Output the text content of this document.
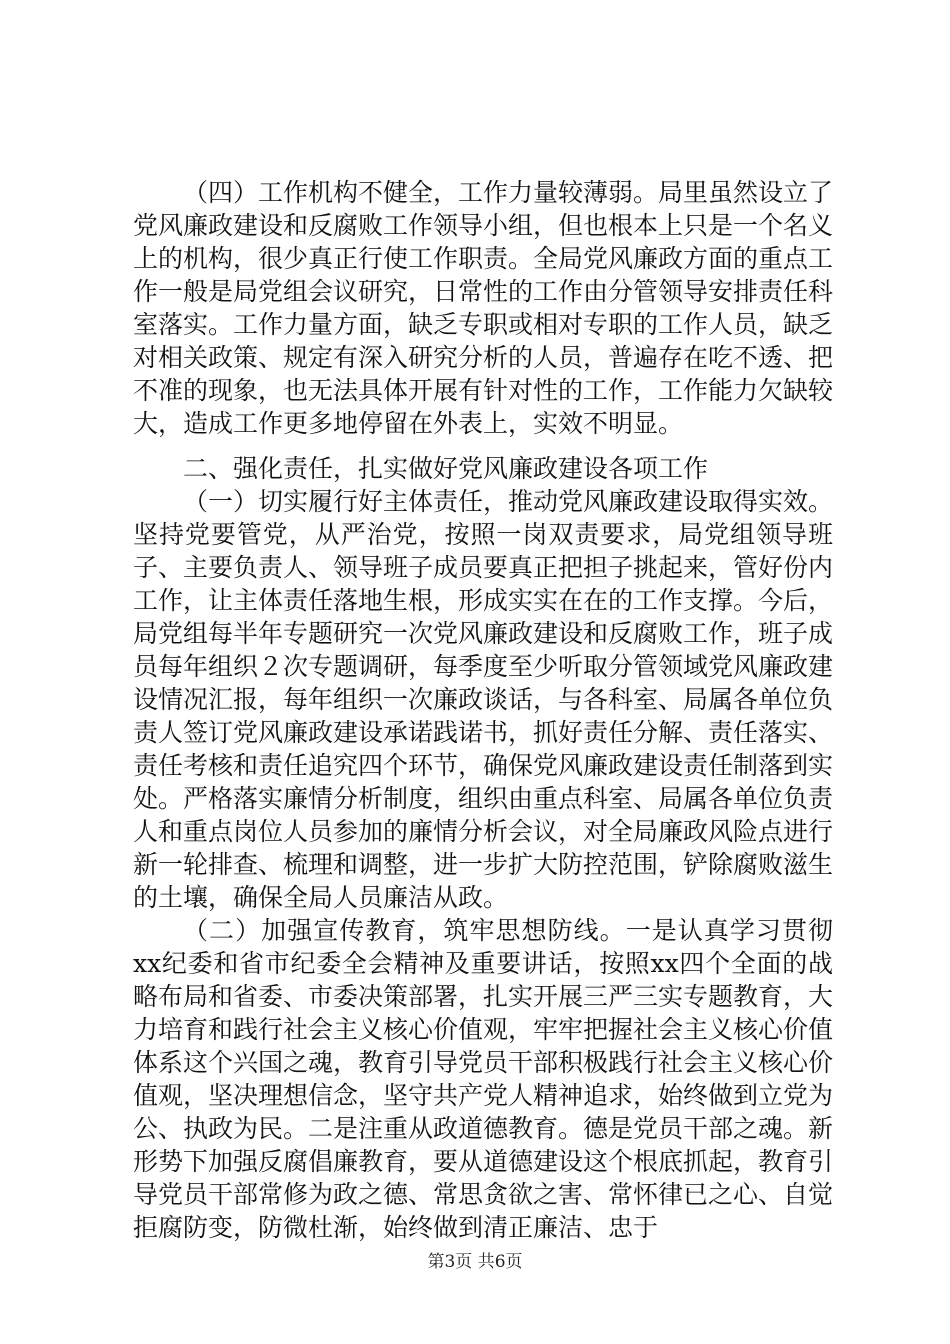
（四）工作机构不健全，工作力量较薄弱。局里虽然设立了党风廉政建设和反腐败工作领导小组，但也根本上只是一个名义上的机构，很少真正行使工作职责。全局党风廉政方面的重点工作一般是局党组会议研究，日常性的工作由分管领导安排责任科室落实。工作力量方面，缺乏专职或相对专职的工作人员，缺乏对相关政策、规定有深入研究分析的人员，普遍存在吃不透、把不准的现象，也无法具体开展有针对性的工作，工作能力欠缺较大，造成工作更多地停留在外表上，实效不明显。

二、强化责任，扎实做好党风廉政建设各项工作

（一）切实履行好主体责任，推动党风廉政建设取得实效。坚持党要管党，从严治党，按照一岗双责要求，局党组领导班子、主要负责人、领导班子成员要真正把担子挑起来，管好份内工作，让主体责任落地生根，形成实实在在的工作支撑。今后，局党组每半年专题研究一次党风廉政建设和反腐败工作，班子成员每年组织２次专题调研，每季度至少听取分管领域党风廉政建设情况汇报，每年组织一次廉政谈话，与各科室、局属各单位负责人签订党风廉政建设承诺践诺书，抓好责任分解、责任落实、责任考核和责任追究四个环节，确保党风廉政建设责任制落到实处。严格落实廉情分析制度，组织由重点科室、局属各单位负责人和重点岗位人员参加的廉情分析会议，对全局廉政风险点进行新一轮排查、梳理和调整，进一步扩大防控范围，铲除腐败滋生的土壤，确保全局人员廉洁从政。

（二）加强宣传教育，筑牢思想防线。一是认真学习贯彻xx纪委和省市纪委全会精神及重要讲话，按照xx四个全面的战略布局和省委、市委决策部署，扎实开展三严三实专题教育，大力培育和践行社会主义核心价值观，牢牢把握社会主义核心价值体系这个兴国之魂，教育引导党员干部积极践行社会主义核心价值观，坚决理想信念，坚守共产党人精神追求，始终做到立党为公、执政为民。二是注重从政道德教育。德是党员干部之魂。新形势下加强反腐倡廉教育，要从道德建设这个根底抓起，教育引导党员干部常修为政之德、常思贪欲之害、常怀律已之心、自觉拒腐防变，防微杜渐，始终做到清正廉洁、忠于

第3页 共6页
